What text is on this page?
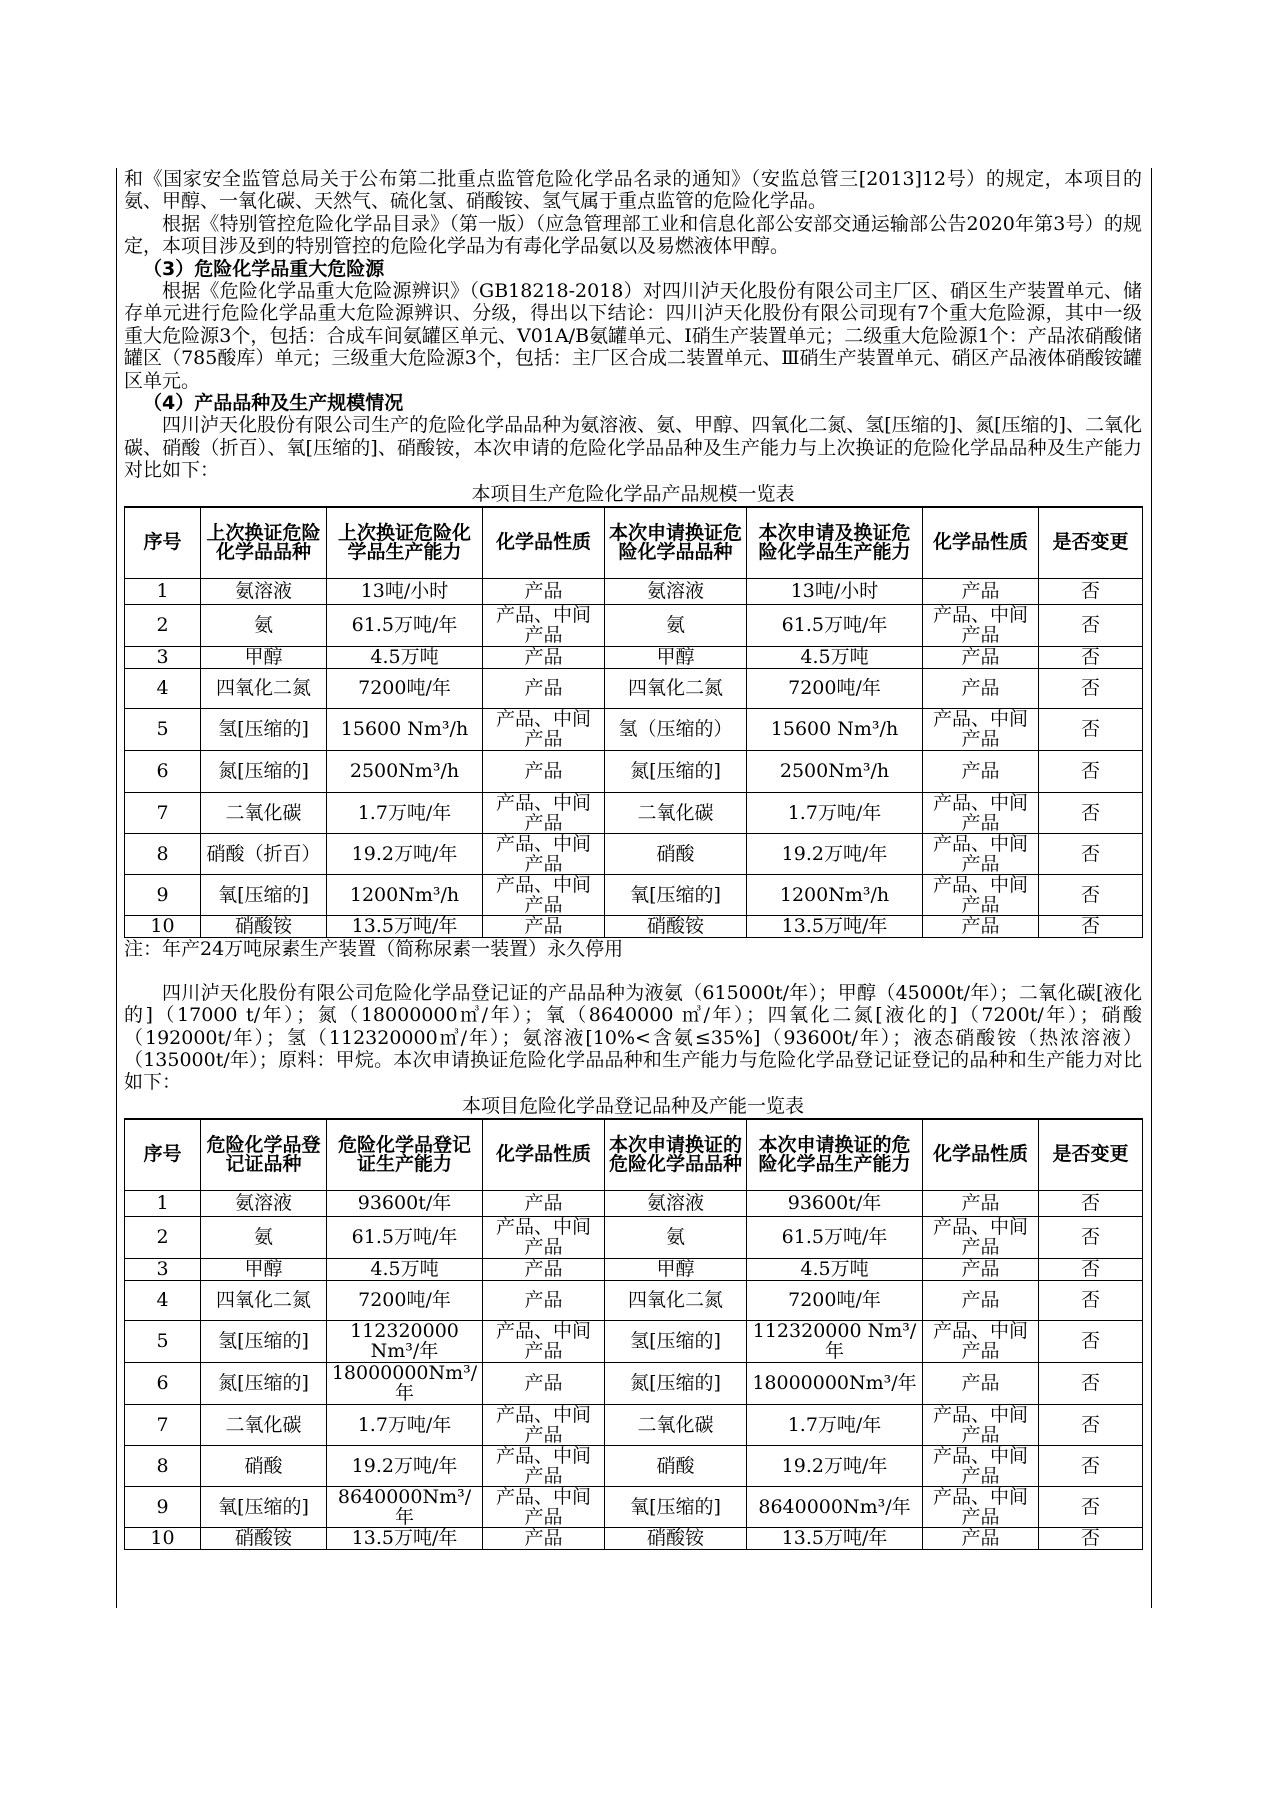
和《国家安全监管总局关于公布第二批重点监管危险化学品名录的通知》（安监总管三[2013]12号）的规定，本项目的氨、甲醇、一氧化碳、天然气、硫化氢、硝酸铵、氢气属于重点监管的危险化学品。

根据《特别管控危险化学品目录》（第一版）（应急管理部工业和信息化部公安部交通运输部公告2020年第3号）的规定，本项目涉及到的特别管控的危险化学品为有毒化学品氨以及易燃液体甲醇。

（3）危险化学品重大危险源

根据《危险化学品重大危险源辨识》（GB18218-2018）对四川泸天化股份有限公司主厂区、硝区生产装置单元、储存单元进行危险化学品重大危险源辨识、分级，得出以下结论：四川泸天化股份有限公司现有7个重大危险源，其中一级重大危险源3个，包括：合成车间氨罐区单元、V01A/B氨罐单元、Ⅰ硝生产装置单元；二级重大危险源1个：产品浓硝酸储罐区（785酸库）单元；三级重大危险源3个，包括：主厂区合成二装置单元、Ⅲ硝生产装置单元、硝区产品液体硝酸铵罐区单元。

（4）产品品种及生产规模情况

四川泸天化股份有限公司生产的危险化学品品种为氨溶液、氨、甲醇、四氧化二氮、氢[压缩的]、氮[压缩的]、二氧化碳、硝酸（折百）、氧[压缩的]、硝酸铵，本次申请的危险化学品品种及生产能力与上次换证的危险化学品品种及生产能力对比如下：

本项目生产危险化学品产品规模一览表

序号	上次换证危险化学品品种	上次换证危险化学品生产能力	化学品性质	本次申请换证危险化学品品种	本次申请及换证危险化学品生产能力	化学品性质	是否变更
1	氨溶液	13吨/小时	产品	氨溶液	13吨/小时	产品	否
2	氨	61.5万吨/年	产品、中间产品	氨	61.5万吨/年	产品、中间产品	否
3	甲醇	4.5万吨	产品	甲醇	4.5万吨	产品	否
4	四氧化二氮	7200吨/年	产品	四氧化二氮	7200吨/年	产品	否
5	氢[压缩的]	15600 Nm³/h	产品、中间产品	氢（压缩的）	15600 Nm³/h	产品、中间产品	否
6	氮[压缩的]	2500Nm³/h	产品	氮[压缩的]	2500Nm³/h	产品	否
7	二氧化碳	1.7万吨/年	产品、中间产品	二氧化碳	1.7万吨/年	产品、中间产品	否
8	硝酸（折百）	19.2万吨/年	产品、中间产品	硝酸	19.2万吨/年	产品、中间产品	否
9	氧[压缩的]	1200Nm³/h	产品、中间产品	氧[压缩的]	1200Nm³/h	产品、中间产品	否
10	硝酸铵	13.5万吨/年	产品	硝酸铵	13.5万吨/年	产品	否

注：年产24万吨尿素生产装置（简称尿素一装置）永久停用

四川泸天化股份有限公司危险化学品登记证的产品品种为液氨（615000t/年）；甲醇（45000t/年）；二氧化碳[液化的]（17000 t/年）；氮（18000000㎥/年）；氧（8640000 ㎥/年）；四氧化二氮[液化的]（7200t/年）；硝酸（192000t/年）；氢（112320000㎥/年）；氨溶液[10%<含氨≤35%]（93600t/年）；液态硝酸铵（热浓溶液）（135000t/年）；原料：甲烷。本次申请换证危险化学品品种和生产能力与危险化学品登记证登记的品种和生产能力对比如下：

本项目危险化学品登记品种及产能一览表

序号	危险化学品登记证品种	危险化学品登记证生产能力	化学品性质	本次申请换证的危险化学品品种	本次申请换证的危险化学品生产能力	化学品性质	是否变更
1	氨溶液	93600t/年	产品	氨溶液	93600t/年	产品	否
2	氨	61.5万吨/年	产品、中间产品	氨	61.5万吨/年	产品、中间产品	否
3	甲醇	4.5万吨	产品	甲醇	4.5万吨	产品	否
4	四氧化二氮	7200吨/年	产品	四氧化二氮	7200吨/年	产品	否
5	氢[压缩的]	112320000 Nm³/年	产品、中间产品	氢[压缩的]	112320000 Nm³/年	产品、中间产品	否
6	氮[压缩的]	18000000Nm³/年	产品	氮[压缩的]	18000000Nm³/年	产品	否
7	二氧化碳	1.7万吨/年	产品、中间产品	二氧化碳	1.7万吨/年	产品、中间产品	否
8	硝酸	19.2万吨/年	产品、中间产品	硝酸	19.2万吨/年	产品、中间产品	否
9	氧[压缩的]	8640000Nm³/年	产品、中间产品	氧[压缩的]	8640000Nm³/年	产品、中间产品	否
10	硝酸铵	13.5万吨/年	产品	硝酸铵	13.5万吨/年	产品	否
